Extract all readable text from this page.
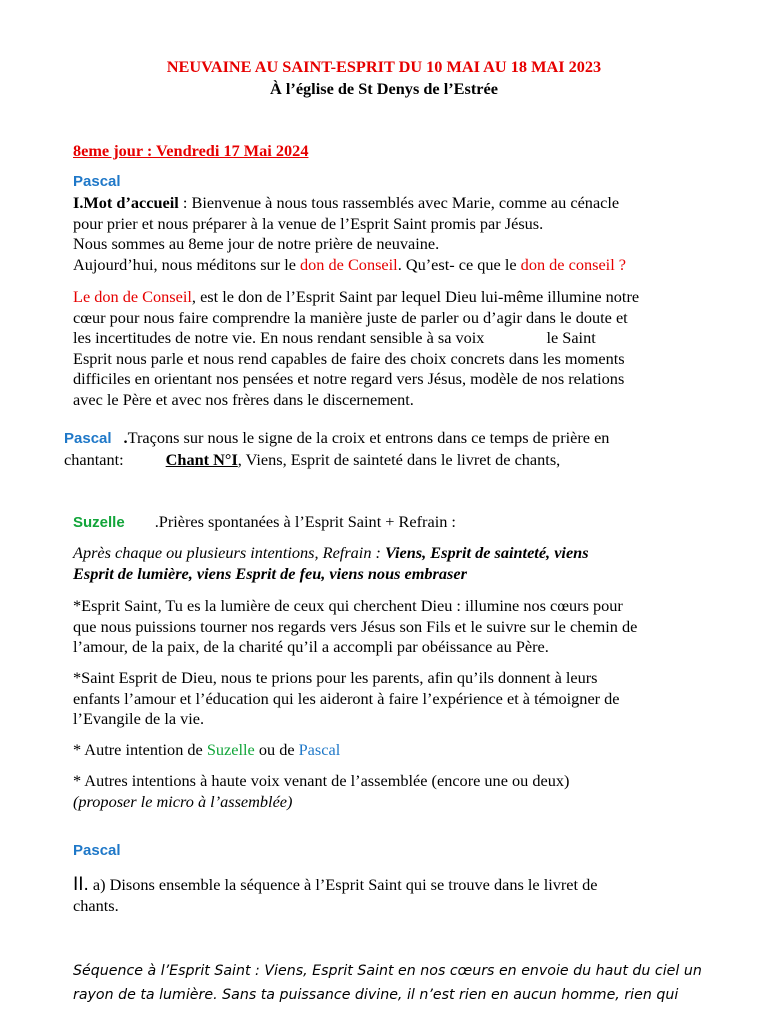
NEUVAINE AU SAINT-ESPRIT DU 10 MAI AU 18 MAI 2023
À l’église de St Denys de l’Estrée
8eme jour : Vendredi 17 Mai 2024
Pascal
I.Mot d’accueil : Bienvenue à nous tous rassemblés avec Marie, comme au cénacle
pour prier et nous préparer à la venue de l’Esprit Saint promis par Jésus.
Nous sommes au 8eme jour de notre prière de neuvaine.
Aujourd’hui, nous méditons sur le don de Conseil. Qu’est- ce que le don de conseil ?
Le don de Conseil, est le don de l’Esprit Saint par lequel Dieu lui-même illumine notre
cœur pour nous faire comprendre la manière juste de parler ou d’agir dans le doute et
les incertitudes de notre vie. En nous rendant sensible à sa voix	le Saint
Esprit nous parle et nous rend capables de faire des choix concrets dans les moments
difficiles en orientant nos pensées et notre regard vers Jésus, modèle de nos relations
avec le Père et avec nos frères dans le discernement.
Pascal .Traçons sur nous le signe de la croix et entrons dans ce temps de prière en
chantant:	Chant N°I, Viens, Esprit de sainteté dans le livret de chants,
Suzelle .Prières spontanées à l’Esprit Saint + Refrain :
Après chaque ou plusieurs intentions, Refrain : Viens, Esprit de sainteté, viens
Esprit de lumière, viens Esprit de feu, viens nous embraser
*Esprit Saint, Tu es la lumière de ceux qui cherchent Dieu : illumine nos cœurs pour
que nous puissions tourner nos regards vers Jésus son Fils et le suivre sur le chemin de
l’amour, de la paix, de la charité qu’il a accompli par obéissance au Père.
*Saint Esprit de Dieu, nous te prions pour les parents, afin qu’ils donnent à leurs
enfants l’amour et l’éducation qui les aideront à faire l’expérience et à témoigner de
l’Evangile de la vie.
* Autre intention de Suzelle ou de Pascal
* Autres intentions à haute voix venant de l’assemblée (encore une ou deux)
(proposer le micro à l’assemblée)
Pascal
II. a) Disons ensemble la séquence à l’Esprit Saint qui se trouve dans le livret de
chants.
Séquence à l’Esprit Saint : Viens, Esprit Saint en nos cœurs en envoie du haut du ciel un
rayon de ta lumière. Sans ta puissance divine, il n’est rien en aucun homme, rien qui
